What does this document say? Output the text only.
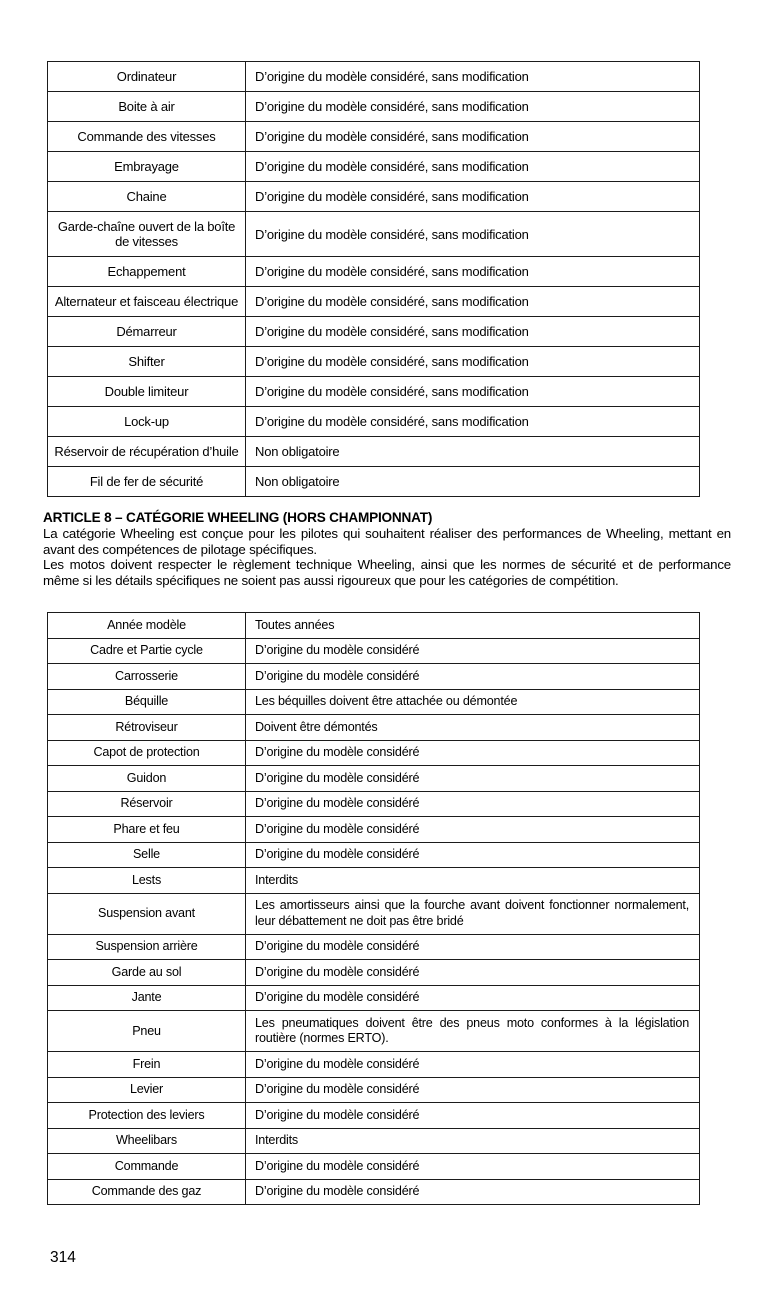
Ordinateur	D’origine du modèle considéré, sans modification
Boite à air	D’origine du modèle considéré, sans modification
Commande des vitesses	D’origine du modèle considéré, sans modification
Embrayage	D’origine du modèle considéré, sans modification
Chaine	D’origine du modèle considéré, sans modification
Garde-chaîne ouvert de la boîte de vitesses	D’origine du modèle considéré, sans modification
Echappement	D’origine du modèle considéré, sans modification
Alternateur et faisceau électrique	D’origine du modèle considéré, sans modification
Démarreur	D’origine du modèle considéré, sans modification
Shifter	D’origine du modèle considéré, sans modification
Double limiteur	D’origine du modèle considéré, sans modification
Lock-up	D’origine du modèle considéré, sans modification
Réservoir de récupération d’huile	Non obligatoire
Fil de fer de sécurité	Non obligatoire
ARTICLE 8 – CATÉGORIE WHEELING (HORS CHAMPIONNAT)

La catégorie Wheeling est conçue pour les pilotes qui souhaitent réaliser des performances de Wheeling, mettant en avant des compétences de pilotage spécifiques.

Les motos doivent respecter le règlement technique Wheeling, ainsi que les normes de sécurité et de performance même si les détails spécifiques ne soient pas aussi rigoureux que pour les catégories de compétition.

Année modèle	Toutes années
Cadre et Partie cycle	D’origine du modèle considéré
Carrosserie	D’origine du modèle considéré
Béquille	Les béquilles doivent être attachée ou démontée
Rétroviseur	Doivent être démontés
Capot de protection	D’origine du modèle considéré
Guidon	D’origine du modèle considéré
Réservoir	D’origine du modèle considéré
Phare et feu	D’origine du modèle considéré
Selle	D’origine du modèle considéré
Lests	Interdits
Suspension avant	Les amortisseurs ainsi que la fourche avant doivent fonctionner normalement, leur débattement ne doit pas être bridé
Suspension arrière	D’origine du modèle considéré
Garde au sol	D’origine du modèle considéré
Jante	D’origine du modèle considéré
Pneu	Les pneumatiques doivent être des pneus moto conformes à la législation routière (normes ERTO).
Frein	D’origine du modèle considéré
Levier	D’origine du modèle considéré
Protection des leviers	D’origine du modèle considéré
Wheelibars	Interdits
Commande	D’origine du modèle considéré
Commande des gaz	D’origine du modèle considéré
314
